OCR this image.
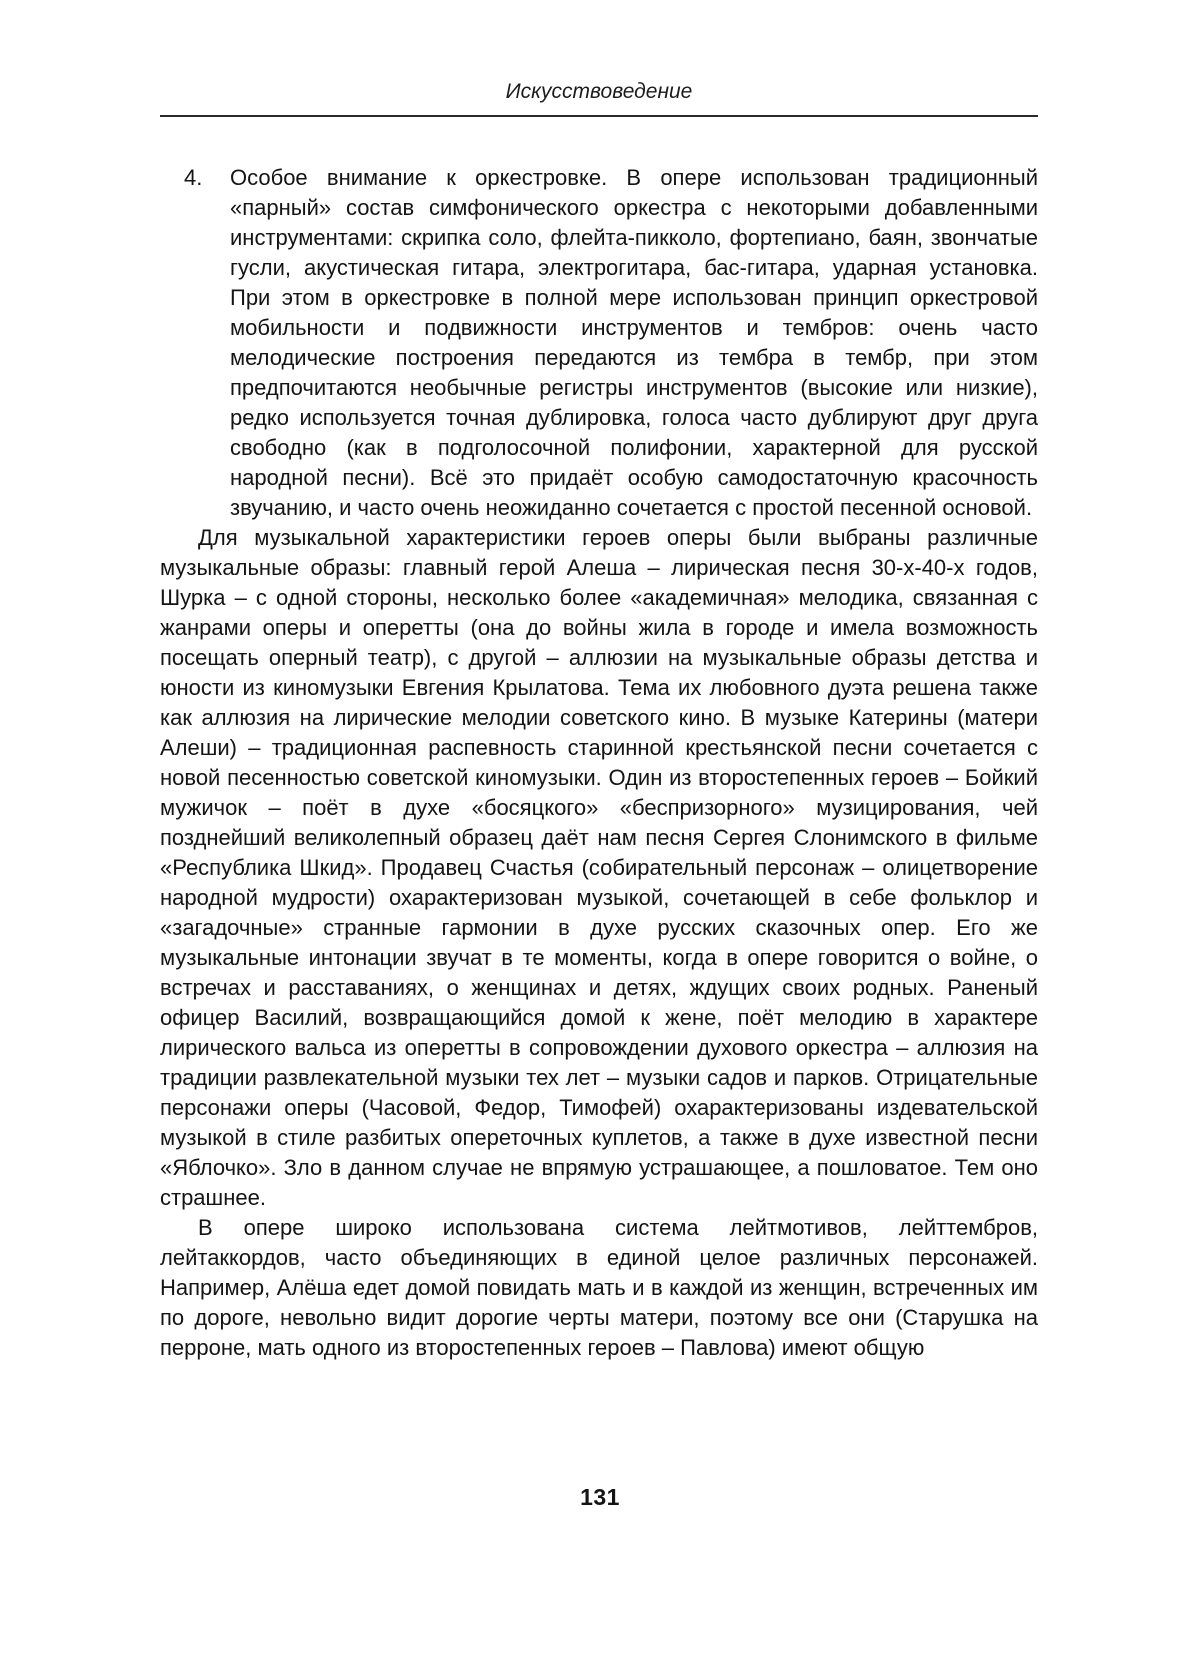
Искусствоведение
4. Особое внимание к оркестровке. В опере использован традиционный «парный» состав симфонического оркестра с некоторыми добавленными инструментами: скрипка соло, флейта-пикколо, фортепиано, баян, звончатые гусли, акустическая гитара, электрогитара, бас-гитара, ударная установка. При этом в оркестровке в полной мере использован принцип оркестровой мобильности и подвижности инструментов и тембров: очень часто мелодические построения передаются из тембра в тембр, при этом предпочитаются необычные регистры инструментов (высокие или низкие), редко используется точная дублировка, голоса часто дублируют друг друга свободно (как в подголосочной полифонии, характерной для русской народной песни). Всё это придаёт особую самодостаточную красочность звучанию, и часто очень неожиданно сочетается с простой песенной основой.

Для музыкальной характеристики героев оперы были выбраны различные музыкальные образы: главный герой Алеша – лирическая песня 30-х-40-х годов, Шурка – с одной стороны, несколько более «академичная» мелодика, связанная с жанрами оперы и оперетты (она до войны жила в городе и имела возможность посещать оперный театр), с другой – аллюзии на музыкальные образы детства и юности из киномузыки Евгения Крылатова. Тема их любовного дуэта решена также как аллюзия на лирические мелодии советского кино. В музыке Катерины (матери Алеши) – традиционная распевность старинной крестьянской песни сочетается с новой песенностью советской киномузыки. Один из второстепенных героев – Бойкий мужичок – поёт в духе «босяцкого» «беспризорного» музицирования, чей позднейший великолепный образец даёт нам песня Сергея Слонимского в фильме «Республика Шкид». Продавец Счастья (собирательный персонаж – олицетворение народной мудрости) охарактеризован музыкой, сочетающей в себе фольклор и «загадочные» странные гармонии в духе русских сказочных опер. Его же музыкальные интонации звучат в те моменты, когда в опере говорится о войне, о встречах и расставаниях, о женщинах и детях, ждущих своих родных. Раненый офицер Василий, возвращающийся домой к жене, поёт мелодию в характере лирического вальса из оперетты в сопровождении духового оркестра – аллюзия на традиции развлекательной музыки тех лет – музыки садов и парков. Отрицательные персонажи оперы (Часовой, Федор, Тимофей) охарактеризованы издевательской музыкой в стиле разбитых опереточных куплетов, а также в духе известной песни «Яблочко». Зло в данном случае не впрямую устрашающее, а пошловатое. Тем оно страшнее.

В опере широко использована система лейтмотивов, лейттембров, лейтаккордов, часто объединяющих в единой целое различных персонажей. Например, Алёша едет домой повидать мать и в каждой из женщин, встреченных им по дороге, невольно видит дорогие черты матери, поэтому все они (Старушка на перроне, мать одного из второстепенных героев – Павлова) имеют общую

131
